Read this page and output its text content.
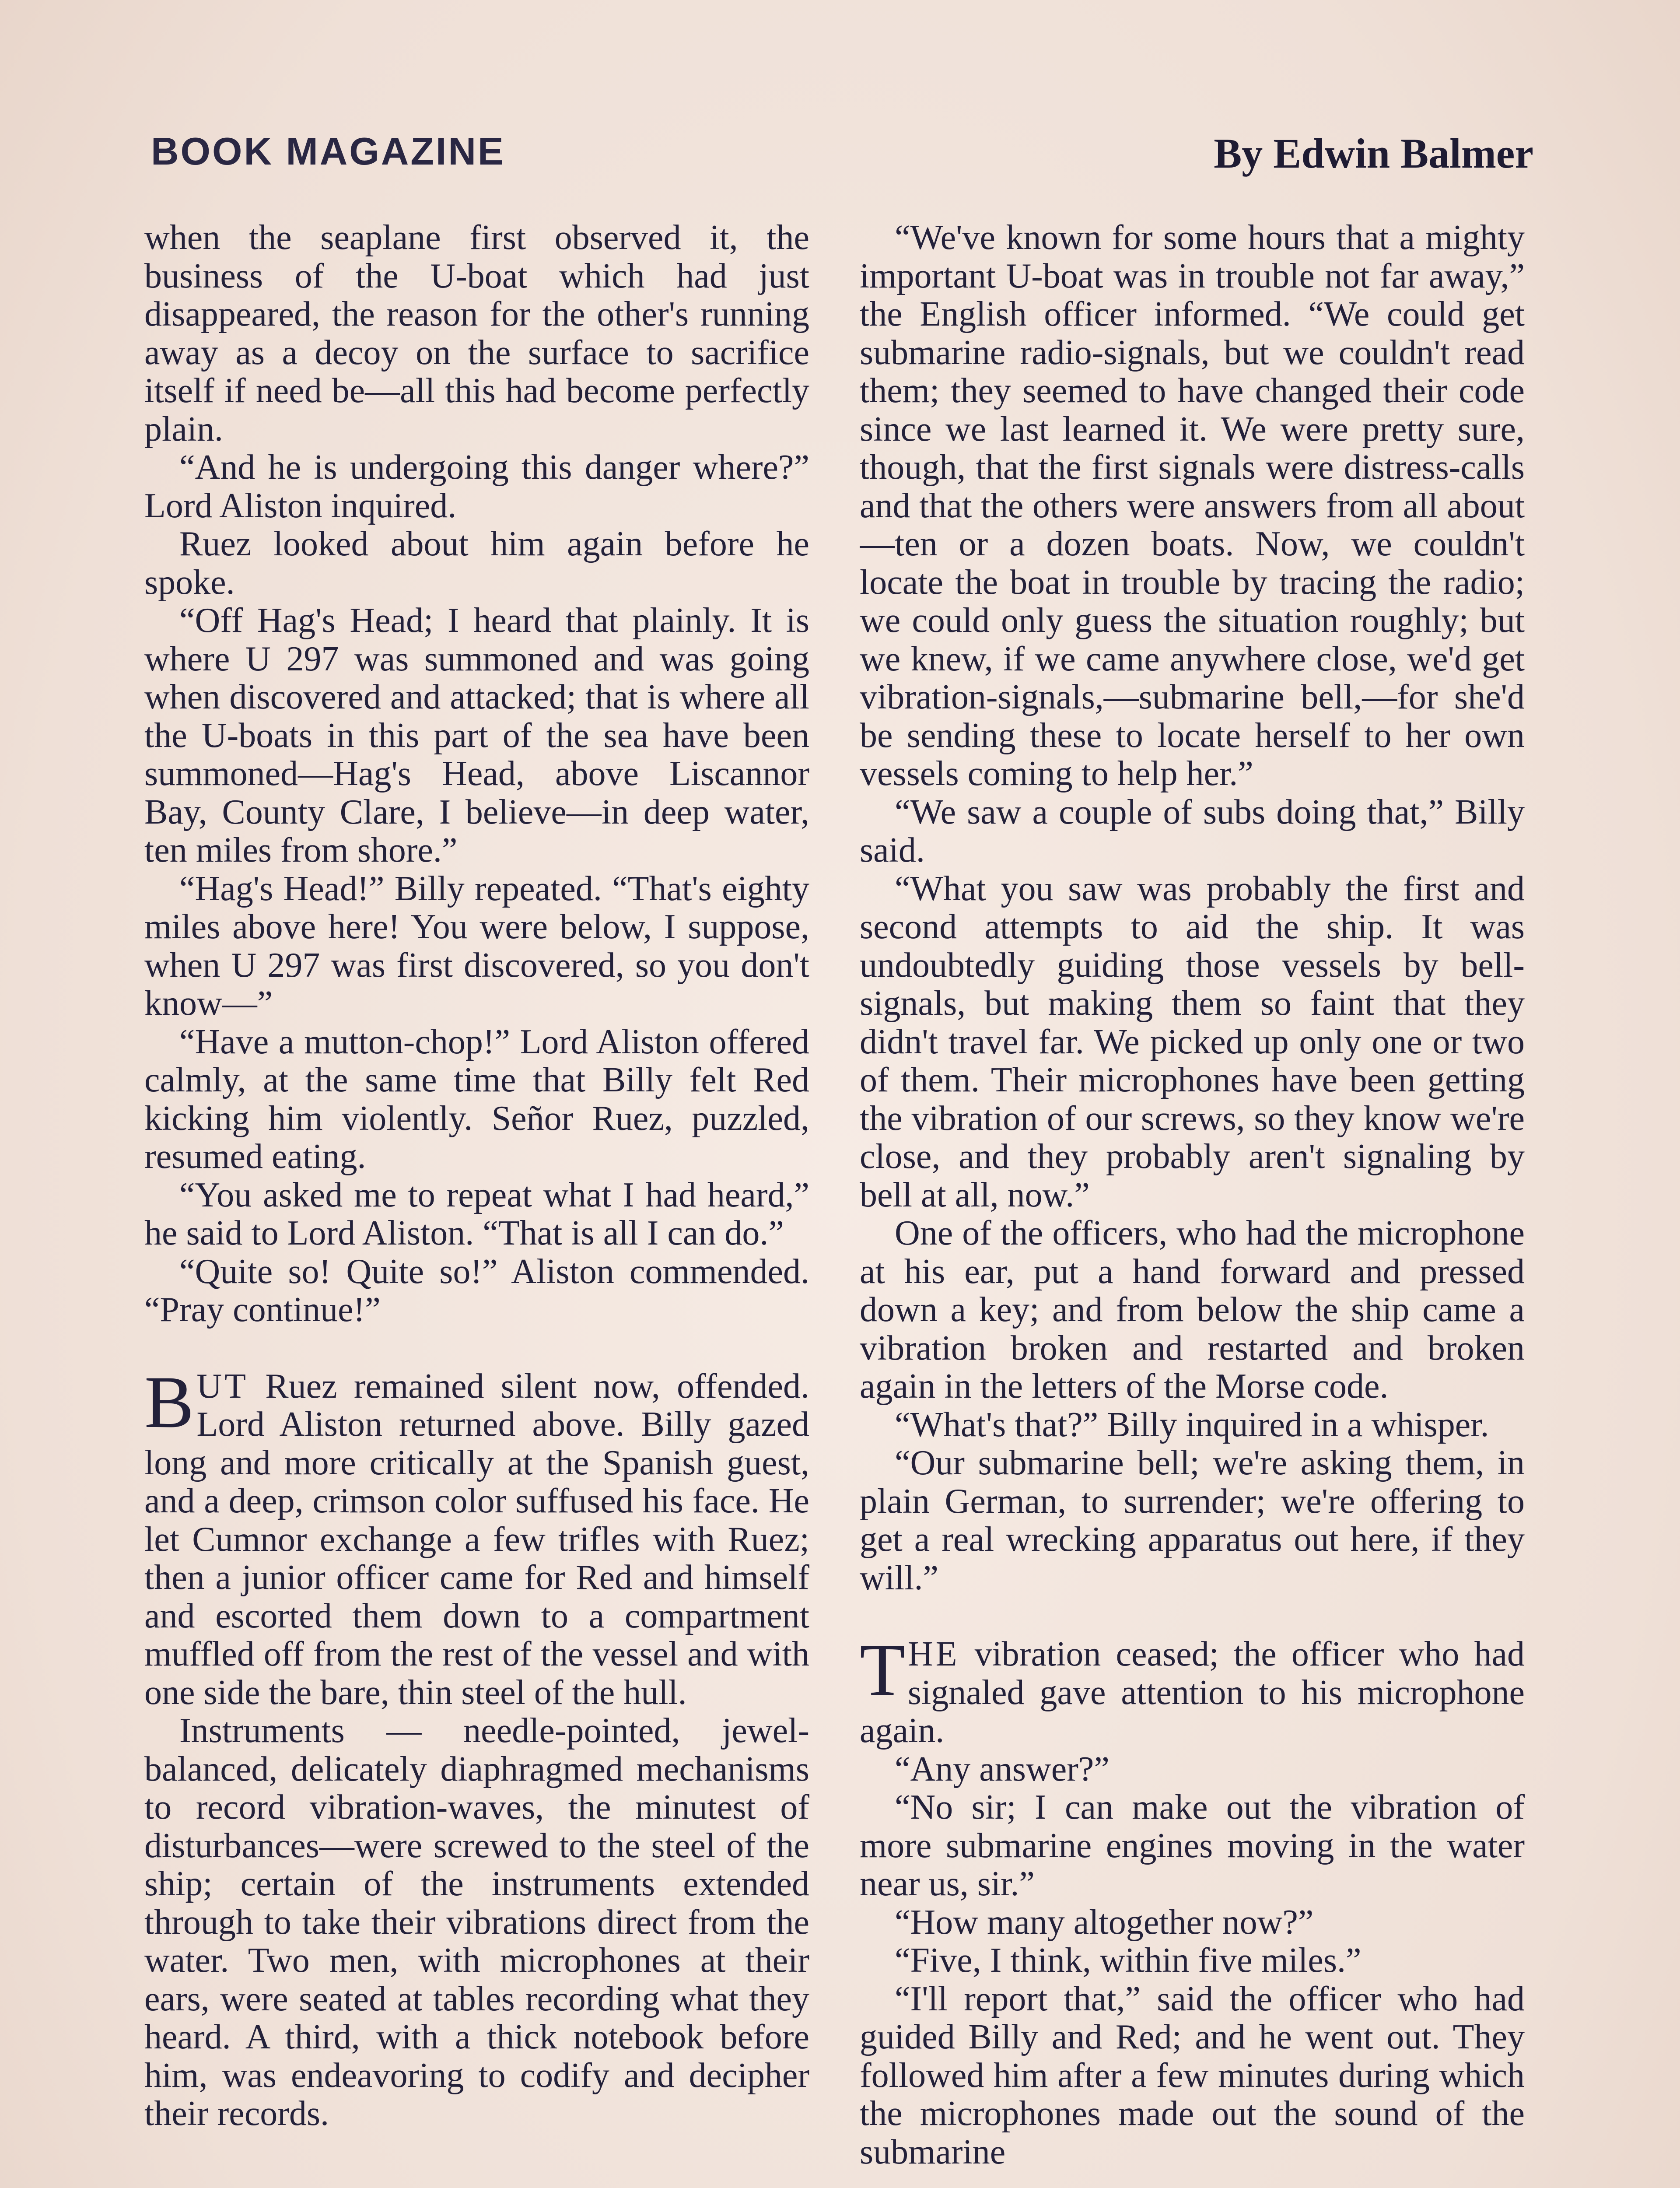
BOOK MAGAZINE	By Edwin Balmer

when the seaplane first observed it, the business of the U-boat which had just disappeared, the reason for the other's running away as a decoy on the surface to sacrifice itself if need be—all this had become perfectly plain.

“And he is undergoing this danger where?” Lord Aliston inquired.

Ruez looked about him again before he spoke.

“Off Hag's Head; I heard that plainly. It is where U 297 was summoned and was going when discovered and attacked; that is where all the U-boats in this part of the sea have been summoned—Hag's Head, above Liscannor Bay, County Clare, I believe—in deep water, ten miles from shore.”

“Hag's Head!” Billy repeated. “That's eighty miles above here! You were below, I suppose, when U 297 was first discovered, so you don't know—”

“Have a mutton-chop!” Lord Aliston offered calmly, at the same time that Billy felt Red kicking him violently. Señor Ruez, puzzled, resumed eating.

“You asked me to repeat what I had heard,” he said to Lord Aliston. “That is all I can do.”

“Quite so! Quite so!” Aliston commended. “Pray continue!”

BUT Ruez remained silent now, offended. Lord Aliston returned above. Billy gazed long and more critically at the Spanish guest, and a deep, crimson color suffused his face. He let Cumnor exchange a few trifles with Ruez; then a junior officer came for Red and himself and escorted them down to a compartment muffled off from the rest of the vessel and with one side the bare, thin steel of the hull.

Instruments — needle-pointed, jewel-balanced, delicately diaphragmed mechanisms to record vibration-waves, the minutest of disturbances—were screwed to the steel of the ship; certain of the instruments extended through to take their vibrations direct from the water. Two men, with microphones at their ears, were seated at tables recording what they heard. A third, with a thick notebook before him, was endeavoring to codify and decipher their records.

“We've known for some hours that a mighty important U-boat was in trouble not far away,” the English officer informed. “We could get submarine radio-signals, but we couldn't read them; they seemed to have changed their code since we last learned it. We were pretty sure, though, that the first signals were distress-calls and that the others were answers from all about—ten or a dozen boats. Now, we couldn't locate the boat in trouble by tracing the radio; we could only guess the situation roughly; but we knew, if we came anywhere close, we'd get vibration-signals,—submarine bell,—for she'd be sending these to locate herself to her own vessels coming to help her.”

“We saw a couple of subs doing that,” Billy said.

“What you saw was probably the first and second attempts to aid the ship. It was undoubtedly guiding those vessels by bell-signals, but making them so faint that they didn't travel far. We picked up only one or two of them. Their microphones have been getting the vibration of our screws, so they know we're close, and they probably aren't signaling by bell at all, now.”

One of the officers, who had the microphone at his ear, put a hand forward and pressed down a key; and from below the ship came a vibration broken and restarted and broken again in the letters of the Morse code.

“What's that?” Billy inquired in a whisper.

“Our submarine bell; we're asking them, in plain German, to surrender; we're offering to get a real wrecking apparatus out here, if they will.”

THE vibration ceased; the officer who had signaled gave attention to his microphone again.

“Any answer?”

“No sir; I can make out the vibration of more submarine engines moving in the water near us, sir.”

“How many altogether now?”

“Five, I think, within five miles.”

“I'll report that,” said the officer who had guided Billy and Red; and he went out. They followed him after a few minutes during which the microphones made out the sound of the submarine
